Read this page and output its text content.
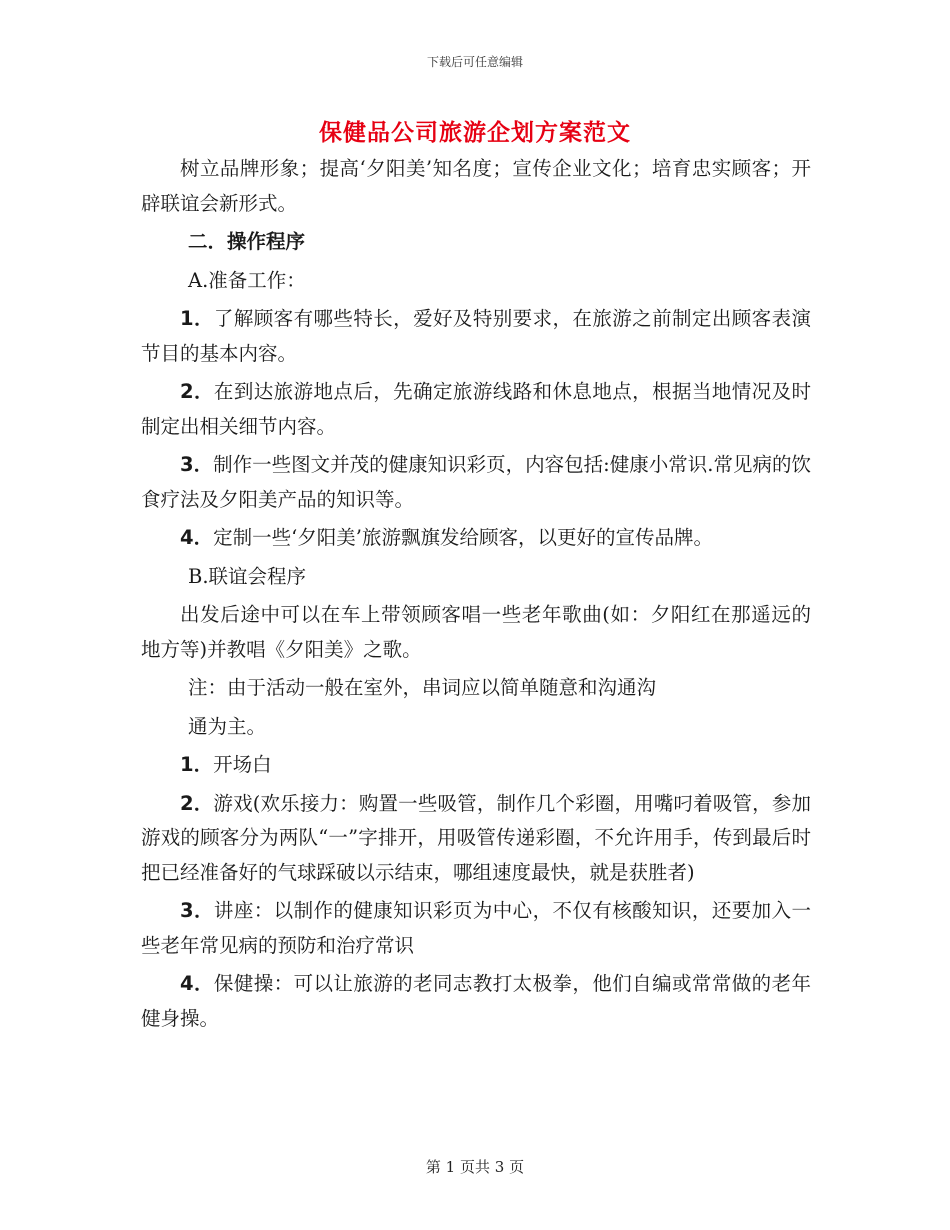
下载后可任意编辑
保健品公司旅游企划方案范文

树立品牌形象；提高‘夕阳美’知名度；宣传企业文化；培育忠实顾客；开辟联谊会新形式。

二．操作程序

A.准备工作：

1．了解顾客有哪些特长，爱好及特别要求，在旅游之前制定出顾客表演节目的基本内容。

2．在到达旅游地点后，先确定旅游线路和休息地点，根据当地情况及时制定出相关细节内容。

3．制作一些图文并茂的健康知识彩页，内容包括:健康小常识.常见病的饮食疗法及夕阳美产品的知识等。

4．定制一些‘夕阳美’旅游飘旗发给顾客，以更好的宣传品牌。

B.联谊会程序

出发后途中可以在车上带领顾客唱一些老年歌曲(如：夕阳红在那遥远的地方等)并教唱《夕阳美》之歌。

注：由于活动一般在室外，串词应以简单随意和沟通沟

通为主。

1．开场白

2．游戏(欢乐接力：购置一些吸管，制作几个彩圈，用嘴叼着吸管，参加游戏的顾客分为两队“一”字排开，用吸管传递彩圈，不允许用手，传到最后时把已经准备好的气球踩破以示结束，哪组速度最快，就是获胜者)

3．讲座：以制作的健康知识彩页为中心，不仅有核酸知识，还要加入一些老年常见病的预防和治疗常识

4．保健操：可以让旅游的老同志教打太极拳，他们自编或常常做的老年健身操。

第 1 页共 3 页
